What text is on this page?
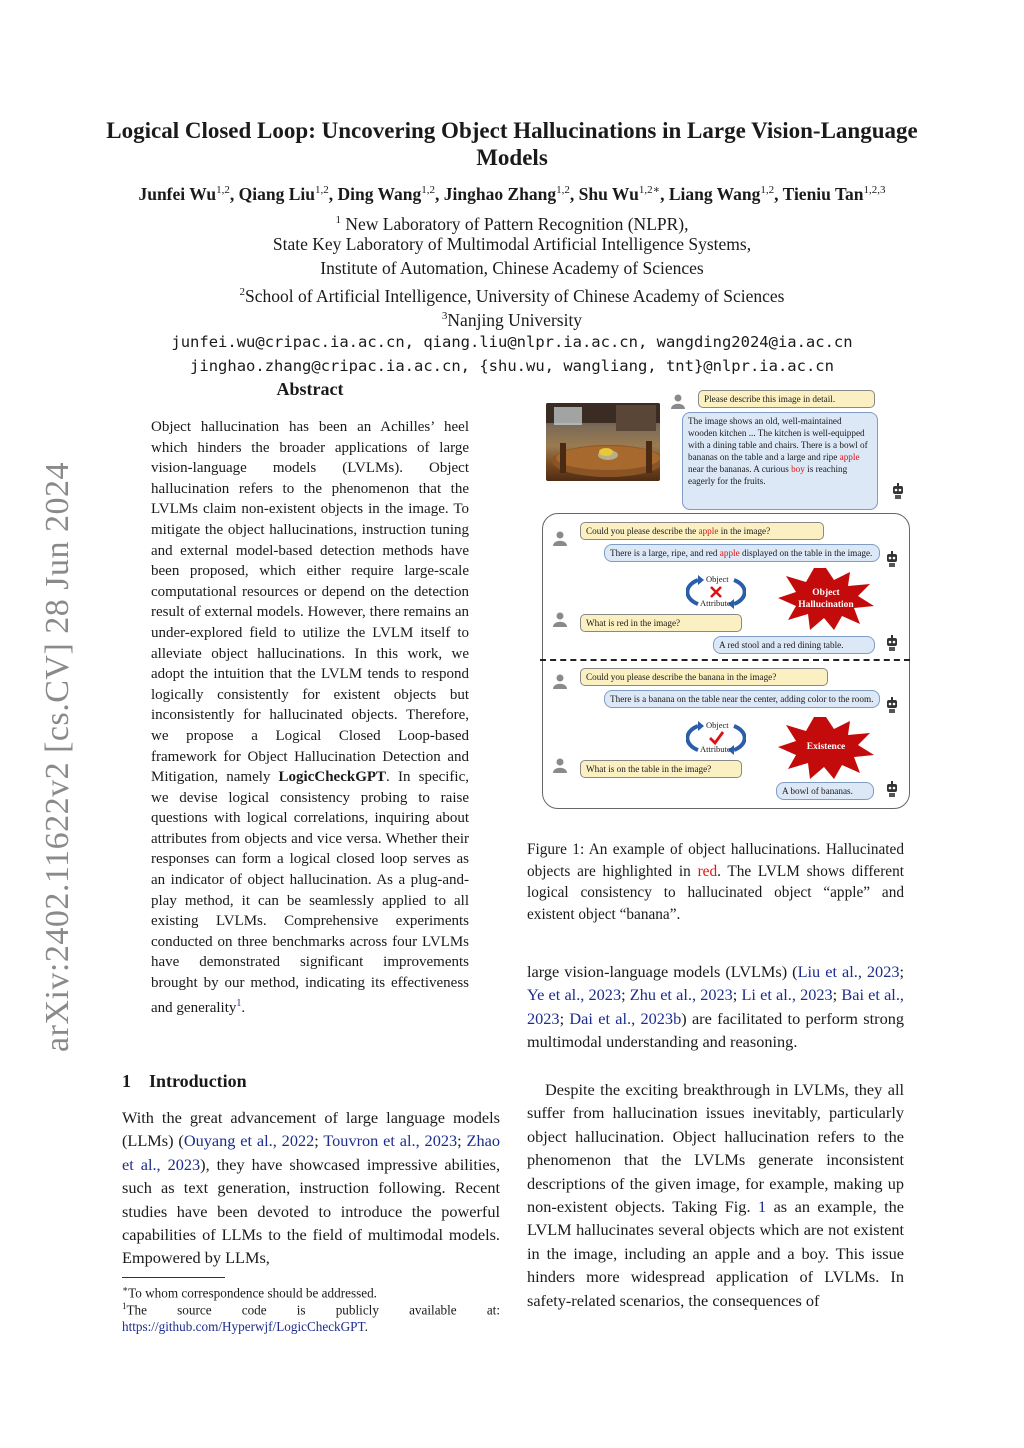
arXiv:2402.11622v2 [cs.CV] 28 Jun 2024
Logical Closed Loop: Uncovering Object Hallucinations in Large Vision-Language Models
Junfei Wu$^{1,2}$, Qiang Liu$^{1,2}$, Ding Wang$^{1,2}$, Jinghao Zhang$^{1,2}$, Shu $Wu^{1,2∗}$, Liang Wang$^{1,2}$, Tieniu Tan$^{1,2,3}$
$^1$ New Laboratory of Pattern Recognition (NLPR),
State Key Laboratory of Multimodal Artificial Intelligence Systems,
Institute of Automation, Chinese Academy of Sciences
$^2$School of Artificial Intelligence, University of Chinese Academy of Sciences
$^3$Nanjing University
junfei.wu@cripac.ia.ac.cn, qiang.liu@nlpr.ia.ac.cn, wangding2024@ia.ac.cn
jinghao.zhang@cripac.ia.ac.cn, {shu.wu, wangliang, tnt}@nlpr.ia.ac.cn
Abstract
Object hallucination has been an Achilles’ heel which hinders the broader applications of large vision-language models (LVLMs). Object hallucination refers to the phenomenon that the LVLMs claim non-existent objects in the image. To mitigate the object hallucinations, instruction tuning and external model-based detection methods have been proposed, which either require large-scale computational resources or depend on the detection result of external models. However, there remains an under-explored field to utilize the LVLM itself to alleviate object hallucinations. In this work, we adopt the intuition that the LVLM tends to respond logically consistently for existent objects but inconsistently for hallucinated objects. Therefore, we propose a Logical Closed Loop-based framework for Object Hallucination Detection and Mitigation, namely LogicCheckGPT. In specific, we devise logical consistency probing to raise questions with logical correlations, inquiring about attributes from objects and vice versa. Whether their responses can form a logical closed loop serves as an indicator of object hallucination. As a plug-and-play method, it can be seamlessly applied to all existing LVLMs. Comprehensive experiments conducted on three benchmarks across four LVLMs have demonstrated significant improvements brought by our method, indicating its effectiveness and generality$^1$.
1 Introduction
With the great advancement of large language models (LLMs) (Ouyang et al., 2022; Touvron et al., 2023; Zhao et al., 2023), they have showcased impressive abilities, such as text generation, instruction following. Recent studies have been devoted to introduce the powerful capabilities of LLMs to the field of multimodal models. Empowered by LLMs,
∗To whom correspondence should be addressed.
$^1$The source code is publicly available at: https://github.com/Hyperwjf/LogicCheckGPT.
Please describe this image in detail.
The image shows an old, well-maintained wooden kitchen ... The kitchen is well-equipped with a dining table and chairs. There is a bowl of bananas on the table and a large and ripe apple near the bananas. A curious boy is reaching eagerly for the fruits.
Could you please describe the apple in the image?
There is a large, ripe, and red apple displayed on the table in the image.
Object
Attribute
Object Hallucination
What is red in the image?
A red stool and a red dining table.
Could you please describe the banana in the image?
There is a banana on the table near the center, adding color to the room.
Object
Attribute	Existence
What is on the table in the image?
A bowl of bananas.
Figure 1: An example of object hallucinations. Hallucinated objects are highlighted in red. The LVLM shows different logical consistency to hallucinated object “apple” and existent object “banana”.
large vision-language models (LVLMs) (Liu et al., 2023; Ye et al., 2023; Zhu et al., 2023; Li et al., 2023; Bai et al., 2023; Dai et al., 2023b) are facilitated to perform strong multimodal understanding and reasoning.
Despite the exciting breakthrough in LVLMs, they all suffer from hallucination issues inevitably, particularly object hallucination. Object hallucination refers to the phenomenon that the LVLMs generate inconsistent descriptions of the given image, for example, making up non-existent objects. Taking Fig. 1 as an example, the LVLM hallucinates several objects which are not existent in the image, including an apple and a boy. This issue hinders more widespread application of LVLMs. In safety-related scenarios, the consequences of
